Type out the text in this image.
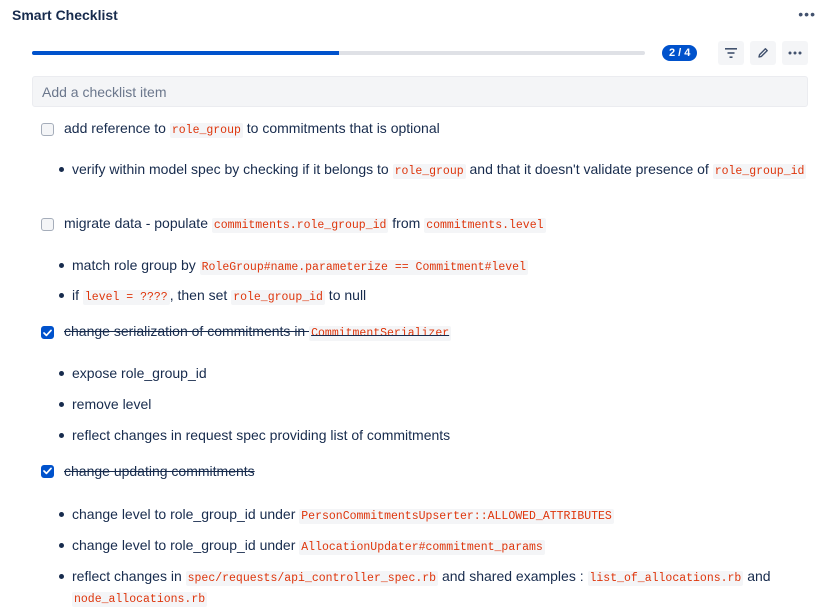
Smart Checklist	•••
2 / 4
Add a checklist item
add reference to role_group to commitments that is optional
verify within model spec by checking if it belongs to role_group and that it doesn't validate presence of role_group_id
migrate data - populate commitments.role_group_id from commitments.level
match role group by RoleGroup#name.parameterize == Commitment#level
if level = ???? , then set role_group_id to null
change serialization of commitments in CommitmentSerializer
expose role_group_id
remove level
reflect changes in request spec providing list of commitments
change updating commitments
change level to role_group_id under PersonCommitmentsUpserter::ALLOWED_ATTRIBUTES
change level to role_group_id under AllocationUpdater#commitment_params
reflect changes in spec/requests/api_controller_spec.rb and shared examples : list_of_allocations.rb and node_allocations.rb
